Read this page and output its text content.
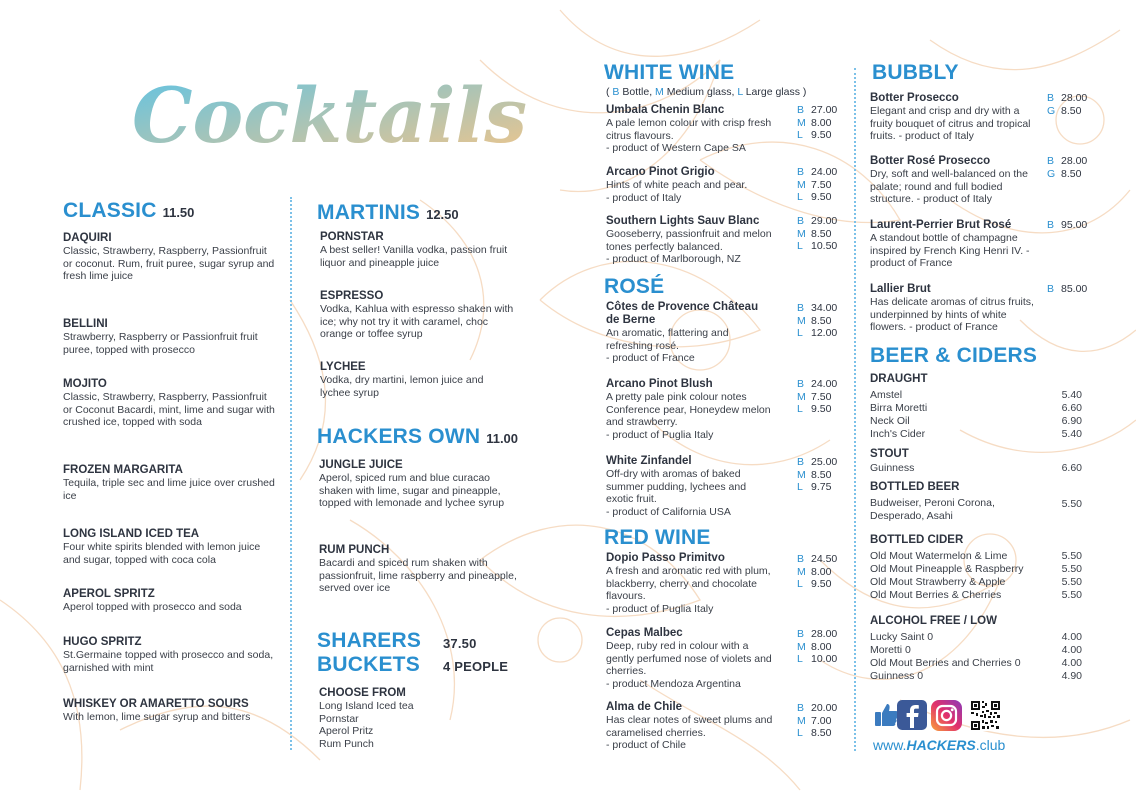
Cocktails
CLASSIC 11.50
DAQUIRI
Classic, Strawberry, Raspberry, Passionfruit or coconut. Rum, fruit puree, sugar syrup and fresh lime juice
BELLINI
Strawberry, Raspberry or Passionfruit fruit puree, topped with prosecco
MOJITO
Classic, Strawberry, Raspberry, Passionfruit or Coconut Bacardi, mint, lime and sugar with crushed ice, topped with soda
FROZEN MARGARITA
Tequila, triple sec and lime juice over crushed ice
LONG ISLAND ICED TEA
Four white spirits blended with lemon juice and sugar, topped with coca cola
APEROL SPRITZ
Aperol topped with prosecco and soda
HUGO SPRITZ
St.Germaine topped with prosecco and soda, garnished with mint
WHISKEY OR AMARETTO SOURS
With lemon, lime sugar syrup and bitters
MARTINIS 12.50
PORNSTAR
A best seller! Vanilla vodka, passion fruit liquor and pineapple juice
ESPRESSO
Vodka, Kahlua with espresso shaken with ice; why not try it with caramel, choc orange or toffee syrup
LYCHEE
Vodka, dry martini, lemon juice and lychee syrup
HACKERS OWN 11.00
JUNGLE JUICE
Aperol, spiced rum and blue curacao shaken with lime, sugar and pineapple, topped with lemonade and lychee syrup
RUM PUNCH
Bacardi and spiced rum shaken with passionfruit, lime raspberry and pineapple, served over ice
SHARERS 37.50
BUCKETS 4 PEOPLE
CHOOSE FROM
Long Island Iced tea
Pornstar
Aperol Pritz
Rum Punch
WHITE WINE
( B Bottle, M Medium glass, L Large glass )
Umbala Chenin Blanc
A pale lemon colour with crisp fresh citrus flavours.
- product of Western Cape SA
B 27.00
M 8.00
L 9.50
Arcano Pinot Grigio
Hints of white peach and pear.
- product of Italy
B 24.00
M 7.50
L 9.50
Southern Lights Sauv Blanc
Gooseberry, passionfruit and melon tones perfectly balanced.
- product of Marlborough, NZ
B 29.00
M 8.50
L 10.50
ROSÉ
Côtes de Provence Château de Berne
An aromatic, flattering and refreshing rosé.
- product of France
B 34.00
M 8.50
L 12.00
Arcano Pinot Blush
A pretty pale pink colour notes Conference pear, Honeydew melon and strawberry.
- product of Puglia Italy
B 24.00
M 7.50
L 9.50
White Zinfandel
Off-dry with aromas of baked summer pudding, lychees and exotic fruit.
- product of California USA
B 25.00
M 8.50
L 9.75
RED WINE
Dopio Passo Primitvo
A fresh and aromatic red with plum, blackberry, cherry and chocolate flavours.
- product of Puglia Italy
B 24.50
M 8.00
L 9.50
Cepas Malbec
Deep, ruby red in colour with a gently perfumed nose of violets and cherries.
- product Mendoza Argentina
B 28.00
M 8.00
L 10.00
Alma de Chile
Has clear notes of sweet plums and caramelised cherries.
- product of Chile
B 20.00
M 7.00
L 8.50
BUBBLY
Botter Prosecco
Elegant and crisp and dry with a fruity bouquet of citrus and tropical fruits. - product of Italy
B 28.00
G 8.50
Botter Rosé Prosecco
Dry, soft and well-balanced on the palate; round and full bodied structure. - product of Italy
B 28.00
G 8.50
Laurent-Perrier Brut Rosé
A standout bottle of champagne inspired by French King Henri IV. - product of France
B 95.00
Lallier Brut
Has delicate aromas of citrus fruits, underpinned by hints of white flowers. - product of France
B 85.00
BEER & CIDERS
DRAUGHT
Amstel	5.40
Birra Moretti	6.60
Neck Oil	6.90
Inch's Cider	5.40
STOUT
Guinness	6.60
BOTTLED BEER
Budweiser, Peroni Corona, Desperado, Asahi
5.50
BOTTLED CIDER
Old Mout Watermelon & Lime	5.50
Old Mout Pineapple & Raspberry	5.50
Old Mout Strawberry & Apple	5.50
Old Mout Berries & Cherries	5.50
ALCOHOL FREE / LOW
Lucky Saint 0	4.00
Moretti 0	4.00
Old Mout Berries and Cherries 0	4.00
Guinness 0	4.90
www.HACKERS.club
